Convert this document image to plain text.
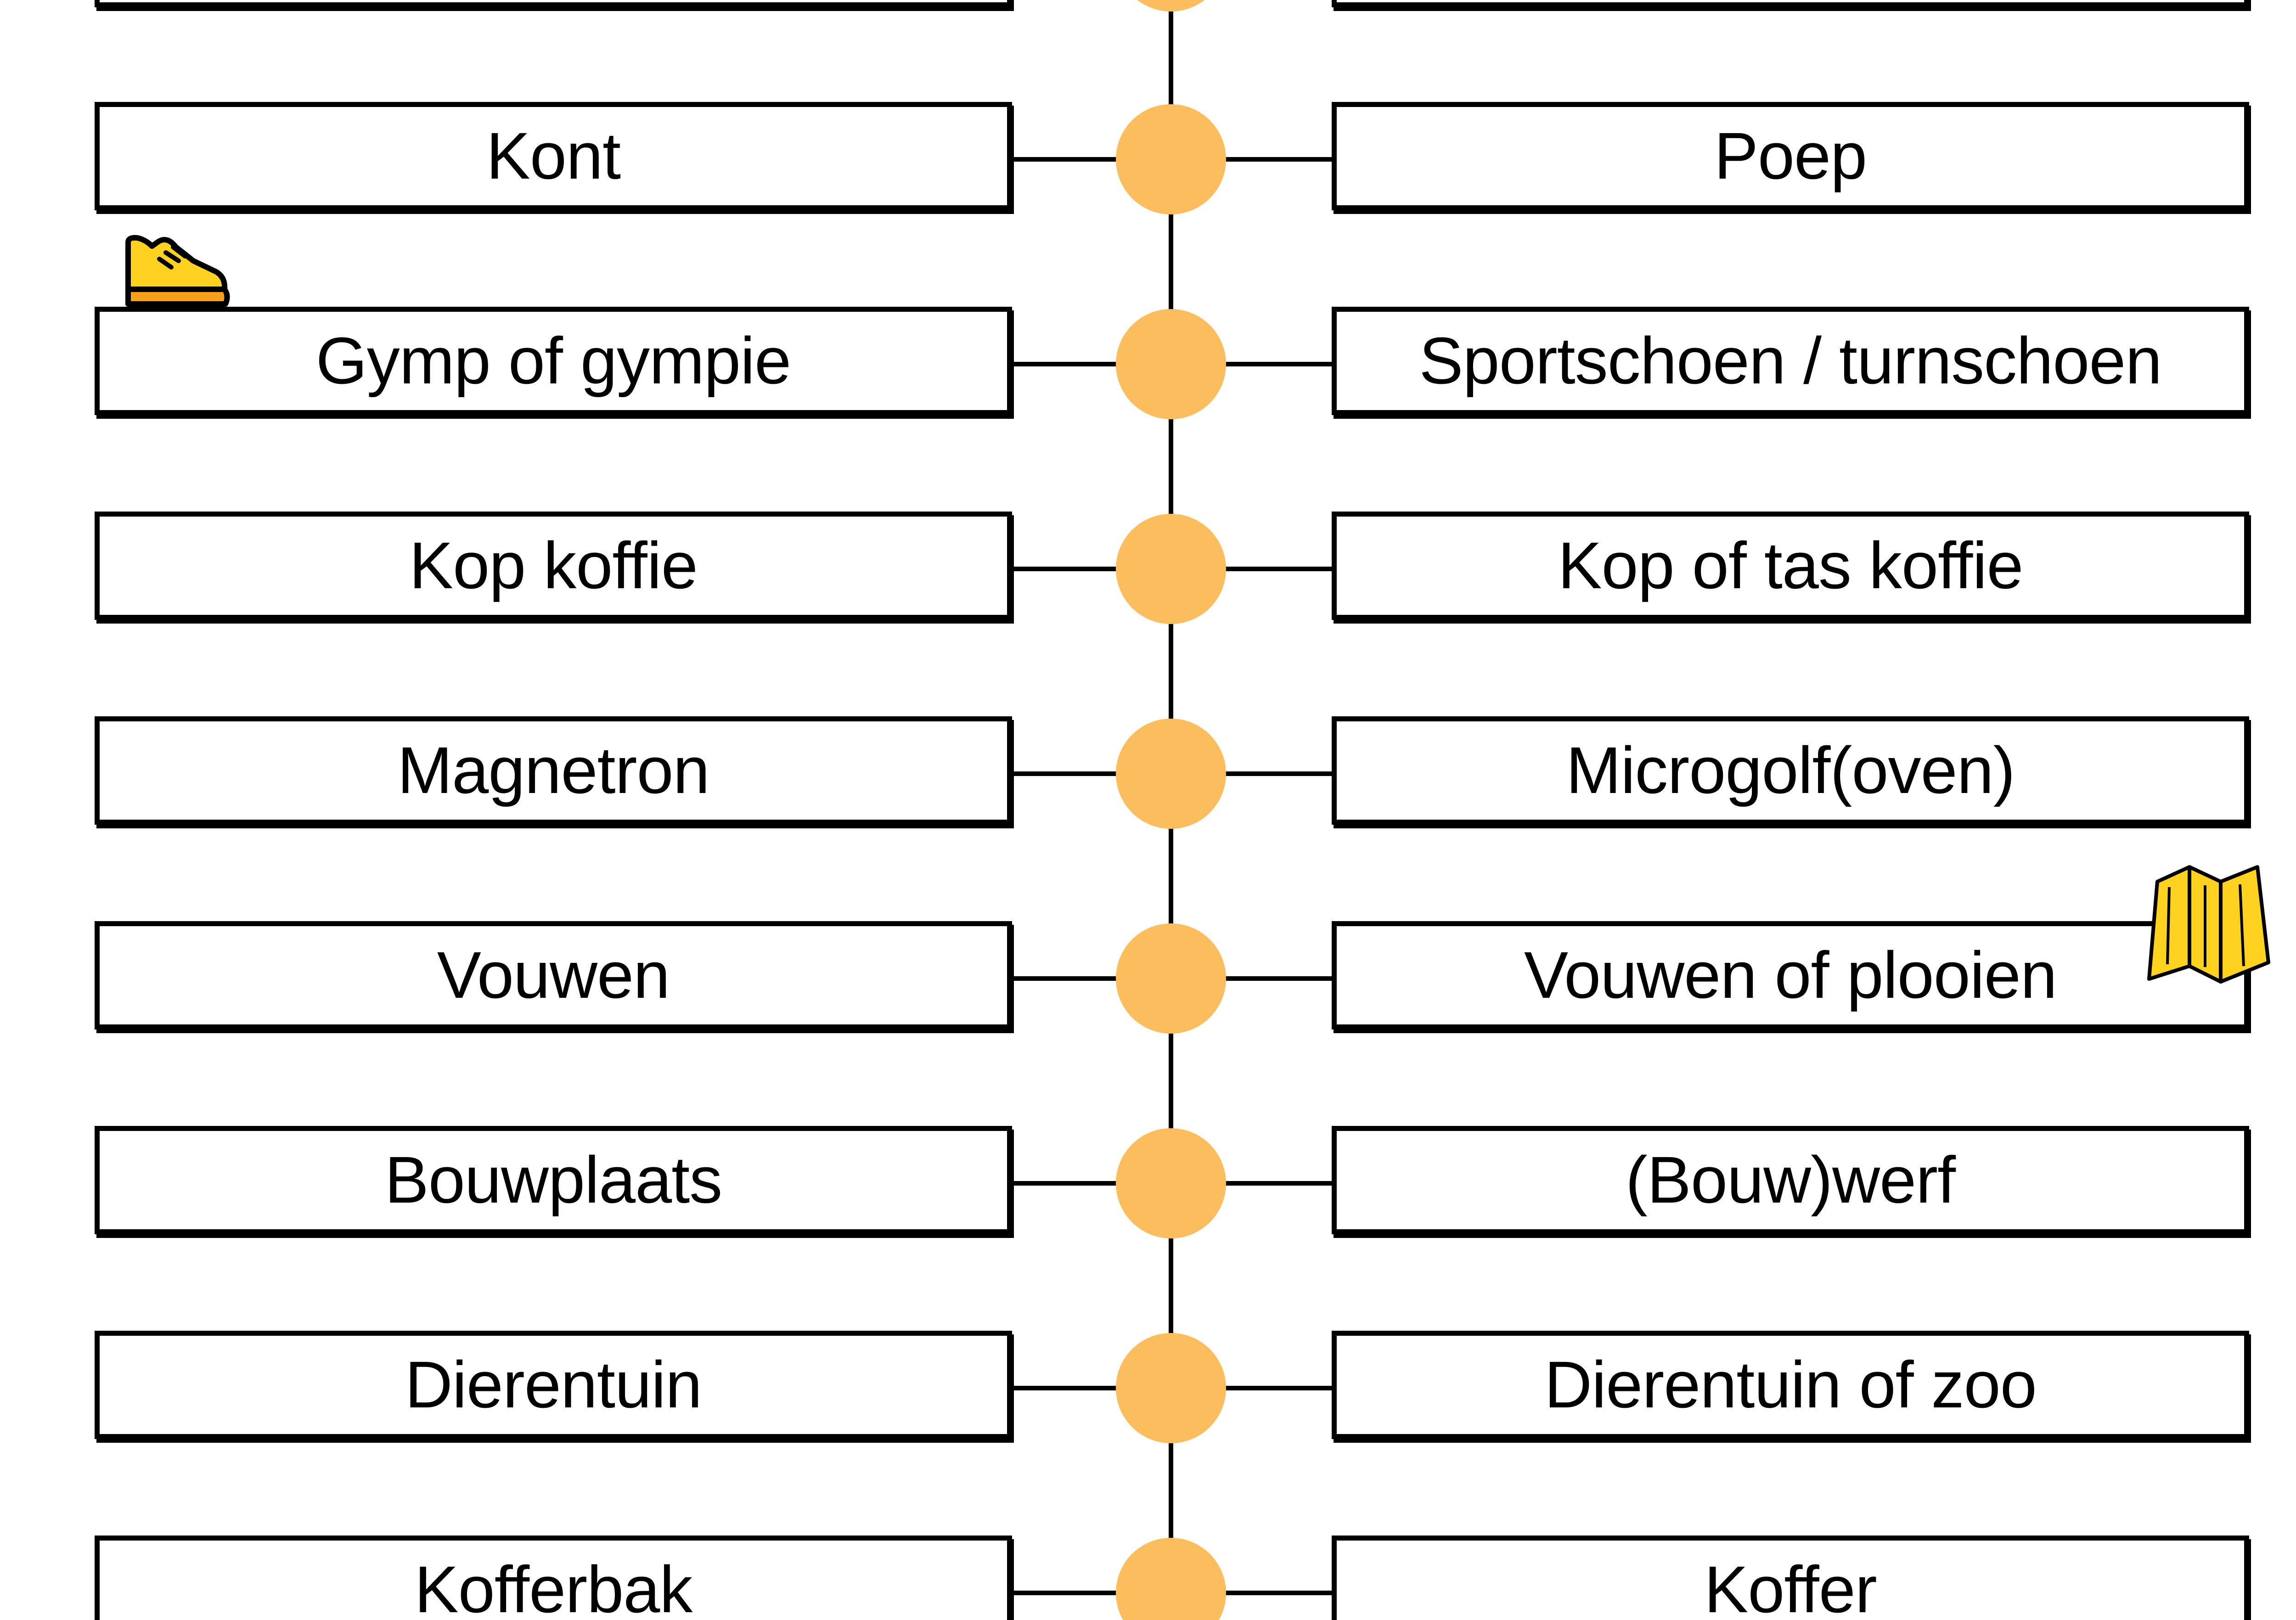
Kont	Poep
Gymp of gympie	Sportschoen / turnschoen
Kop koffie	Kop of tas koffie
Magnetron	Microgolf(oven)
Vouwen	Vouwen of plooien
Bouwplaats	(Bouw)werf
Dierentuin	Dierentuin of zoo
Kofferbak	Koffer
